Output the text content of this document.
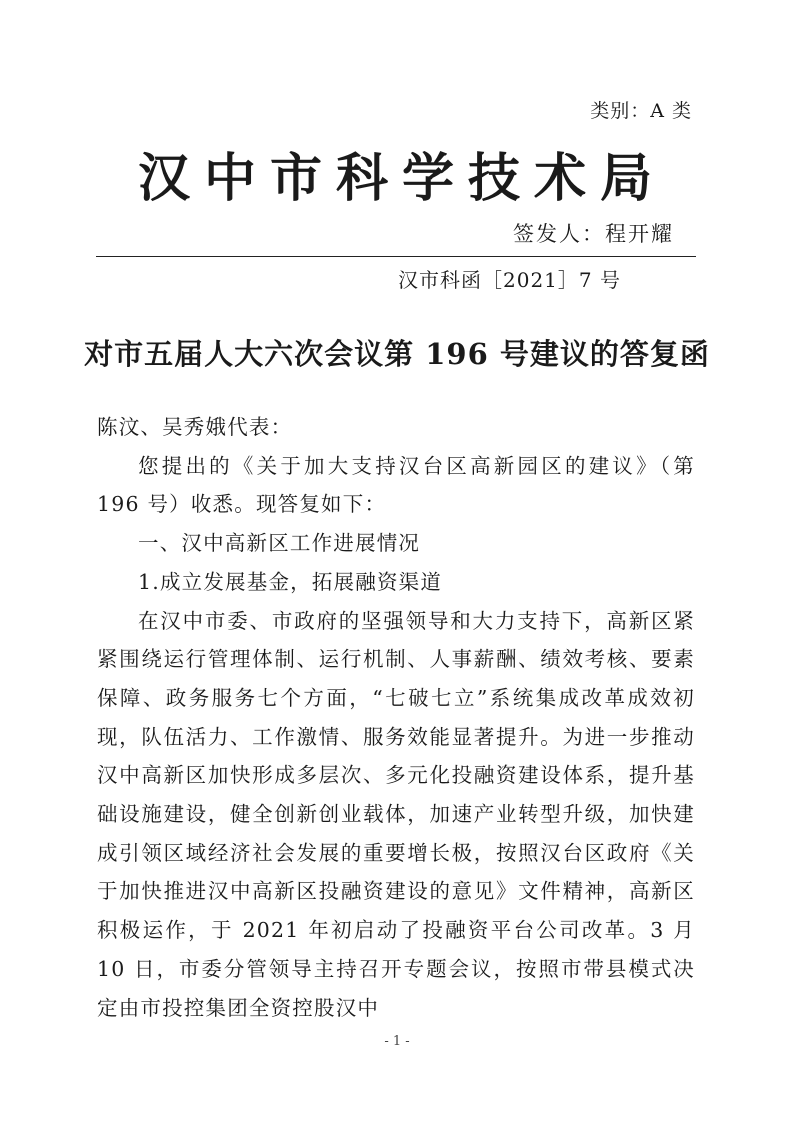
类别：A 类
汉中市科学技术局
签发人：程开耀
汉市科函［2021］7 号
对市五届人大六次会议第 196 号建议的答复函

陈汶、吴秀娥代表：

您提出的《关于加大支持汉台区高新园区的建议》（第 196 号）收悉。现答复如下：

一、汉中高新区工作进展情况

1.成立发展基金，拓展融资渠道

在汉中市委、市政府的坚强领导和大力支持下，高新区紧紧围绕运行管理体制、运行机制、人事薪酬、绩效考核、要素保障、政务服务七个方面，“七破七立”系统集成改革成效初现，队伍活力、工作激情、服务效能显著提升。为进一步推动汉中高新区加快形成多层次、多元化投融资建设体系，提升基础设施建设，健全创新创业载体，加速产业转型升级，加快建成引领区域经济社会发展的重要增长极，按照汉台区政府《关于加快推进汉中高新区投融资建设的意见》文件精神，高新区积极运作，于 2021 年初启动了投融资平台公司改革。3 月 10 日，市委分管领导主持召开专题会议，按照市带县模式决定由市投控集团全资控股汉中

- 1 -
